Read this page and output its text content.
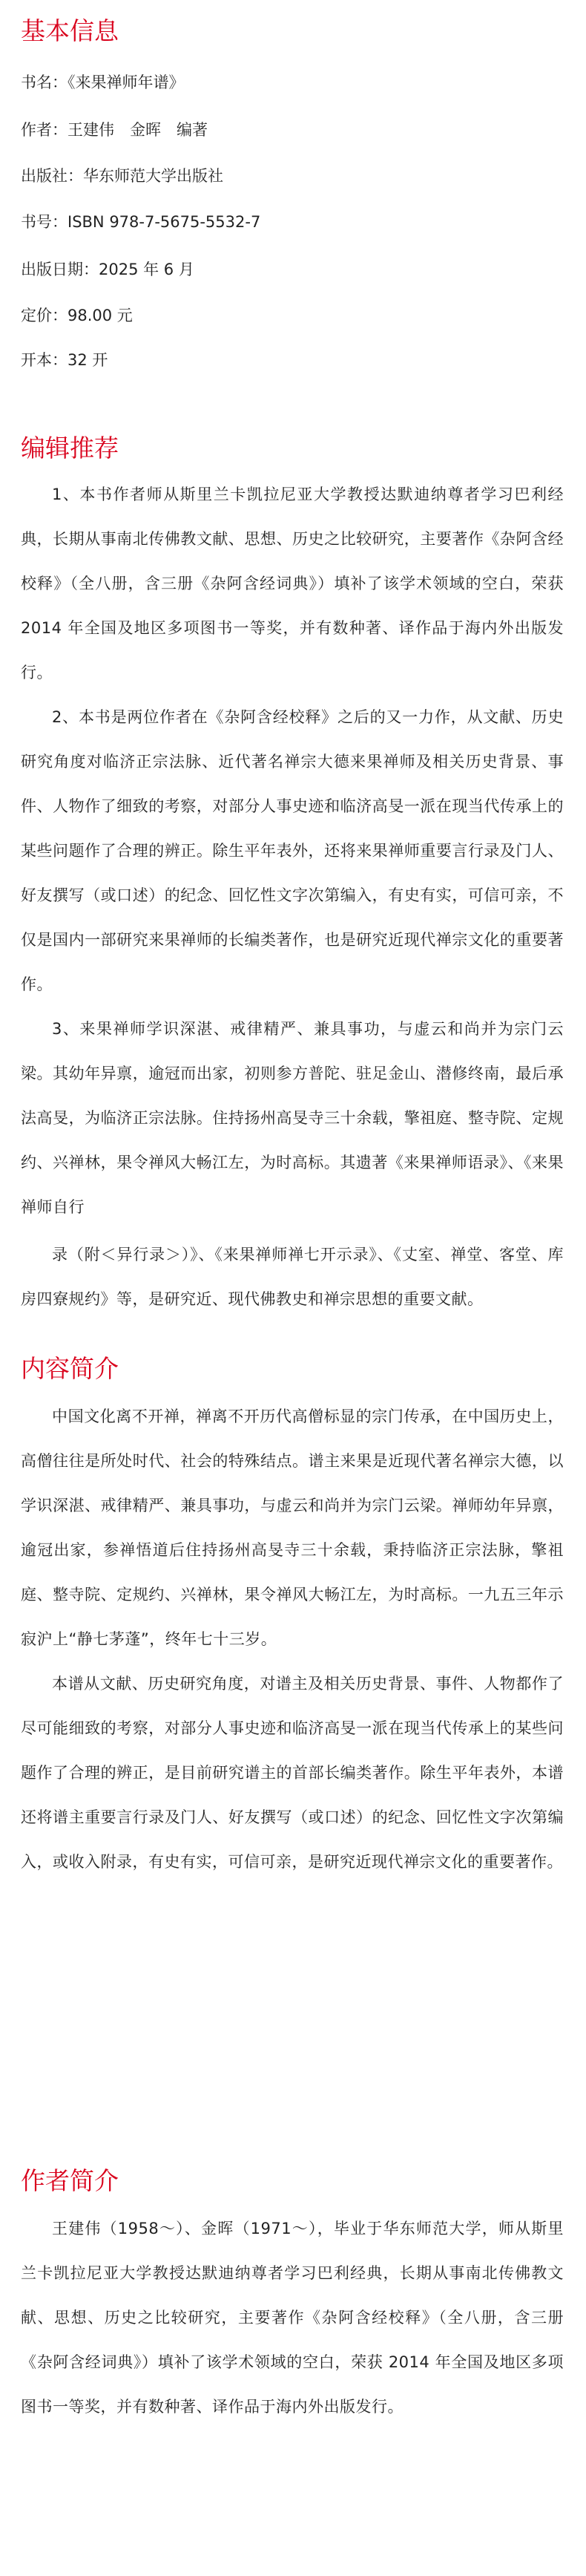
基本信息

书名：《来果禅师年谱》

作者：王建伟　金晖　编著

出版社：华东师范大学出版社

书号：ISBN 978-7-5675-5532-7

出版日期：2025 年 6 月

定价：98.00 元

开本：32 开

编辑推荐

1、本书作者师从斯里兰卡凯拉尼亚大学教授达默迪纳尊者学习巴利经典，长期从事南北传佛教文献、思想、历史之比较研究，主要著作《杂阿含经校释》（全八册，含三册《杂阿含经词典》）填补了该学术领域的空白，荣获 2014 年全国及地区多项图书一等奖，并有数种著、译作品于海内外出版发行。

2、本书是两位作者在《杂阿含经校释》之后的又一力作，从文献、历史研究角度对临济正宗法脉、近代著名禅宗大德来果禅师及相关历史背景、事件、人物作了细致的考察，对部分人事史迹和临济高旻一派在现当代传承上的某些问题作了合理的辨正。除生平年表外，还将来果禅师重要言行录及门人、好友撰写（或口述）的纪念、回忆性文字次第编入，有史有实，可信可亲，不仅是国内一部研究来果禅师的长编类著作，也是研究近现代禅宗文化的重要著作。

3、来果禅师学识深湛、戒律精严、兼具事功，与虚云和尚并为宗门云梁。其幼年异禀，逾冠而出家，初则参方普陀、驻足金山、潜修终南，最后承法高旻，为临济正宗法脉。住持扬州高旻寺三十余载，擎祖庭、整寺院、定规约、兴禅林，果令禅风大畅江左，为时高标。其遗著《来果禅师语录》、《来果禅师自行

录（附＜异行录＞）》、《来果禅师禅七开示录》、《丈室、禅堂、客堂、库房四寮规约》等，是研究近、现代佛教史和禅宗思想的重要文献。

内容简介

中国文化离不开禅，禅离不开历代高僧标显的宗门传承，在中国历史上，高僧往往是所处时代、社会的特殊结点。谱主来果是近现代著名禅宗大德，以学识深湛、戒律精严、兼具事功，与虚云和尚并为宗门云梁。禅师幼年异禀，逾冠出家，参禅悟道后住持扬州高旻寺三十余载，秉持临济正宗法脉，擎祖庭、整寺院、定规约、兴禅林，果令禅风大畅江左，为时高标。一九五三年示寂沪上“静七茅蓬”，终年七十三岁。

本谱从文献、历史研究角度，对谱主及相关历史背景、事件、人物都作了尽可能细致的考察，对部分人事史迹和临济高旻一派在现当代传承上的某些问题作了合理的辨正，是目前研究谱主的首部长编类著作。除生平年表外，本谱还将谱主重要言行录及门人、好友撰写（或口述）的纪念、回忆性文字次第编入，或收入附录，有史有实，可信可亲，是研究近现代禅宗文化的重要著作。

作者简介

王建伟（1958～）、金晖（1971～），毕业于华东师范大学，师从斯里兰卡凯拉尼亚大学教授达默迪纳尊者学习巴利经典，长期从事南北传佛教文献、思想、历史之比较研究，主要著作《杂阿含经校释》（全八册，含三册《杂阿含经词典》）填补了该学术领域的空白，荣获 2014 年全国及地区多项图书一等奖，并有数种著、译作品于海内外出版发行。
